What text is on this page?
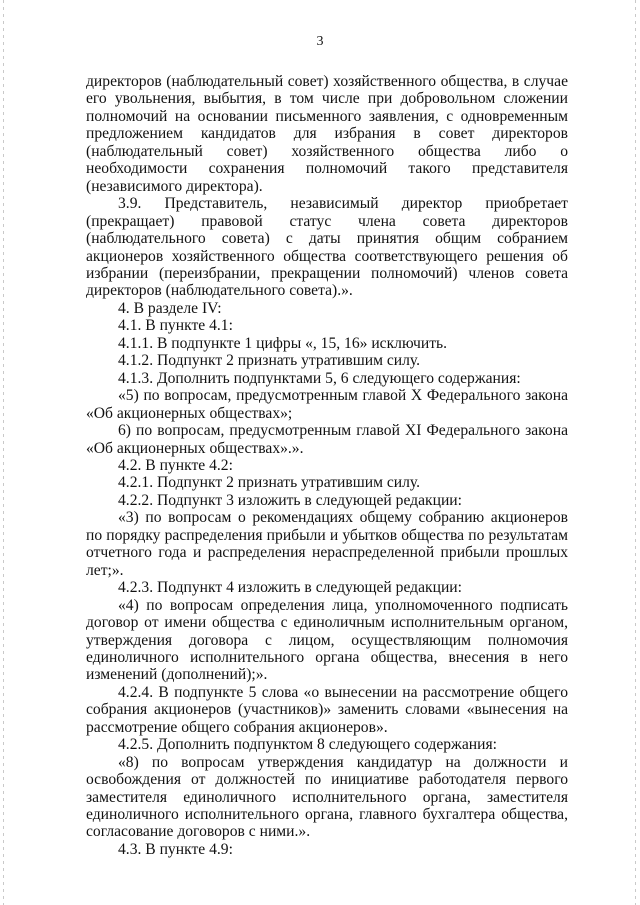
3

директоров (наблюдательный совет) хозяйственного общества, в случае его увольнения, выбытия, в том числе при добровольном сложении полномочий на основании письменного заявления, с одновременным предложением кандидатов для избрания в совет директоров (наблюдательный совет) хозяйственного общества либо о необходимости сохранения полномочий такого представителя (независимого директора).

3.9. Представитель, независимый директор приобретает (прекращает) правовой статус члена совета директоров (наблюдательного совета) с даты принятия общим собранием акционеров хозяйственного общества соответствующего решения об избрании (переизбрании, прекращении полномочий) членов совета директоров (наблюдательного совета).».

4. В разделе IV:

4.1. В пункте 4.1:

4.1.1. В подпункте 1 цифры «, 15, 16» исключить.

4.1.2. Подпункт 2 признать утратившим силу.

4.1.3. Дополнить подпунктами 5, 6 следующего содержания:

«5) по вопросам, предусмотренным главой X Федерального закона «Об акционерных обществах»;

6) по вопросам, предусмотренным главой XI Федерального закона «Об акционерных обществах».».

4.2. В пункте 4.2:

4.2.1. Подпункт 2 признать утратившим силу.

4.2.2. Подпункт 3 изложить в следующей редакции:

«3) по вопросам о рекомендациях общему собранию акционеров по порядку распределения прибыли и убытков общества по результатам отчетного года и распределения нераспределенной прибыли прошлых лет;».

4.2.3. Подпункт 4 изложить в следующей редакции:

«4) по вопросам определения лица, уполномоченного подписать договор от имени общества с единоличным исполнительным органом, утверждения договора с лицом, осуществляющим полномочия единоличного исполнительного органа общества, внесения в него изменений (дополнений);».

4.2.4. В подпункте 5 слова «о вынесении на рассмотрение общего собрания акционеров (участников)» заменить словами «вынесения на рассмотрение общего собрания акционеров».

4.2.5. Дополнить подпунктом 8 следующего содержания:

«8) по вопросам утверждения кандидатур на должности и освобождения от должностей по инициативе работодателя первого заместителя единоличного исполнительного органа, заместителя единоличного исполнительного органа, главного бухгалтера общества, согласование договоров с ними.».

4.3. В пункте 4.9:
